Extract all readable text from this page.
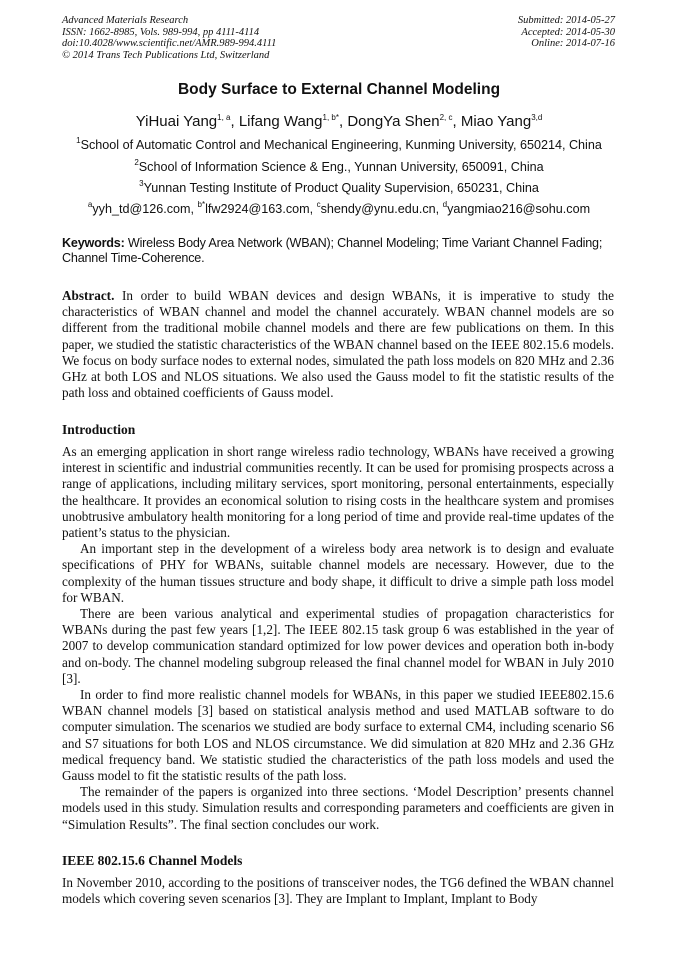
Advanced Materials Research
ISSN: 1662-8985, Vols. 989-994, pp 4111-4114
doi:10.4028/www.scientific.net/AMR.989-994.4111
© 2014 Trans Tech Publications Ltd, Switzerland
Submitted: 2014-05-27
Accepted: 2014-05-30
Online: 2014-07-16
Body Surface to External Channel Modeling
YiHuai Yang$^{1, a}$, Lifang Wang$^{1, b*}$, DongYa Shen$^{2, c}$, Miao Yang$^{3,d}$
$^1$School of Automatic Control and Mechanical Engineering, Kunming University, 650214, China
$^2$School of Information Science & Eng., Yunnan University, 650091, China
$^3$Yunnan Testing Institute of Product Quality Supervision, 650231, China
$^a$yyh_td@126.com, $^{b*}$lfw2924@163.com, $^c$shendy@ynu.edu.cn, $^d$yangmiao216@sohu.com
Keywords: Wireless Body Area Network (WBAN); Channel Modeling; Time Variant Channel Fading; Channel Time-Coherence.

Abstract. In order to build WBAN devices and design WBANs, it is imperative to study the characteristics of WBAN channel and model the channel accurately. WBAN channel models are so different from the traditional mobile channel models and there are few publications on them. In this paper, we studied the statistic characteristics of the WBAN channel based on the IEEE 802.15.6 models. We focus on body surface nodes to external nodes, simulated the path loss models on 820 MHz and 2.36 GHz at both LOS and NLOS situations. We also used the Gauss model to fit the statistic results of the path loss and obtained coefficients of Gauss model.

Introduction

As an emerging application in short range wireless radio technology, WBANs have received a growing interest in scientific and industrial communities recently. It can be used for promising prospects across a range of applications, including military services, sport monitoring, personal entertainments, especially the healthcare. It provides an economical solution to rising costs in the healthcare system and promises unobtrusive ambulatory health monitoring for a long period of time and provide real-time updates of the patient’s status to the physician.

An important step in the development of a wireless body area network is to design and evaluate specifications of PHY for WBANs, suitable channel models are necessary. However, due to the complexity of the human tissues structure and body shape, it difficult to drive a simple path loss model for WBAN.

There are been various analytical and experimental studies of propagation characteristics for WBANs during the past few years [1,2]. The IEEE 802.15 task group 6 was established in the year of 2007 to develop communication standard optimized for low power devices and operation both in-body and on-body. The channel modeling subgroup released the final channel model for WBAN in July 2010 [3].

In order to find more realistic channel models for WBANs, in this paper we studied IEEE802.15.6 WBAN channel models [3] based on statistical analysis method and used MATLAB software to do computer simulation. The scenarios we studied are body surface to external CM4, including scenario S6 and S7 situations for both LOS and NLOS circumstance. We did simulation at 820 MHz and 2.36 GHz medical frequency band. We statistic studied the characteristics of the path loss models and used the Gauss model to fit the statistic results of the path loss.

The remainder of the papers is organized into three sections. ‘Model Description’ presents channel models used in this study. Simulation results and corresponding parameters and coefficients are given in “Simulation Results”. The final section concludes our work.

IEEE 802.15.6 Channel Models

In November 2010, according to the positions of transceiver nodes, the TG6 defined the WBAN channel models which covering seven scenarios [3]. They are Implant to Implant, Implant to Body
